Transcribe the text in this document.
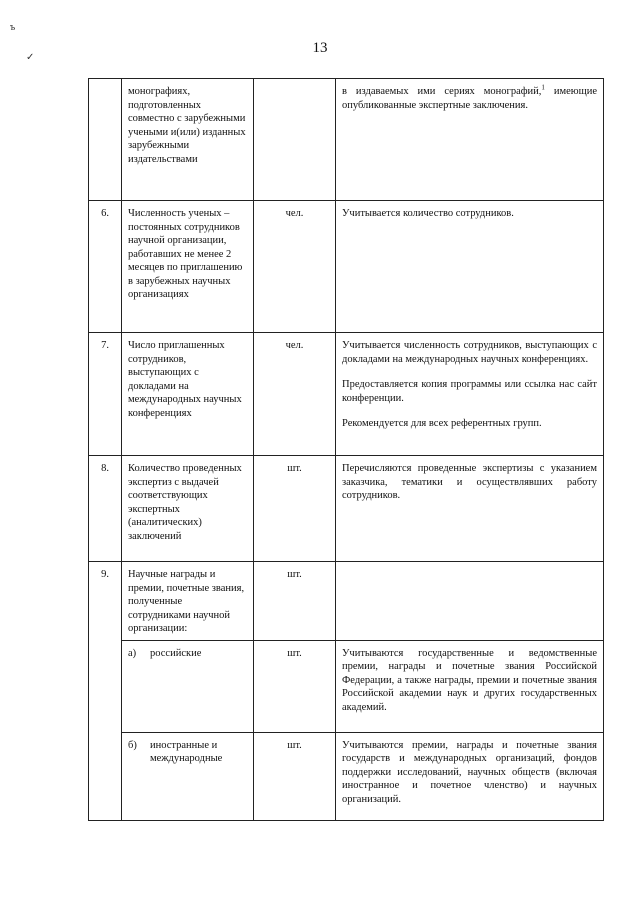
13
ъ
✓
	монографиях, подготовленных совместно с зарубежными учеными и(или) изданных зарубежными издательствами		в издаваемых ими сериях монографий,$^1$ имеющие опубликованные экспертные заключения.
6.	Численность ученых – постоянных сотрудников научной организации, работавших не менее 2 месяцев по приглашению в зарубежных научных организациях	чел.	Учитывается количество сотрудников.

7.	Число приглашенных сотрудников, выступающих с докладами на международных научных конференциях	чел.	Учитывается численность сотрудников, выступающих с докладами на международных научных конференциях.

Предоставляется копия программы или ссылка нас сайт конференции.

Рекомендуется для всех референтных групп.

8.	Количество проведенных экспертиз с выдачей соответствующих экспертных (аналитических) заключений	шт.	Перечисляются проведенные экспертизы с указанием заказчика, тематики и осуществлявших работу сотрудников.

9.	Научные награды и премии, почетные звания, полученные сотрудниками научной организации:	шт.	

	а) российские	шт.	Учитываются государственные и ведомственные премии, награды и почетные звания Российской Федерации, а также награды, премии и почетные звания Российской академии наук и других государственных академий.

	б) иностранные и международные	шт.	Учитываются премии, награды и почетные звания государств и международных организаций, фондов поддержки исследований, научных обществ (включая иностранное и почетное членство) и научных организаций.
